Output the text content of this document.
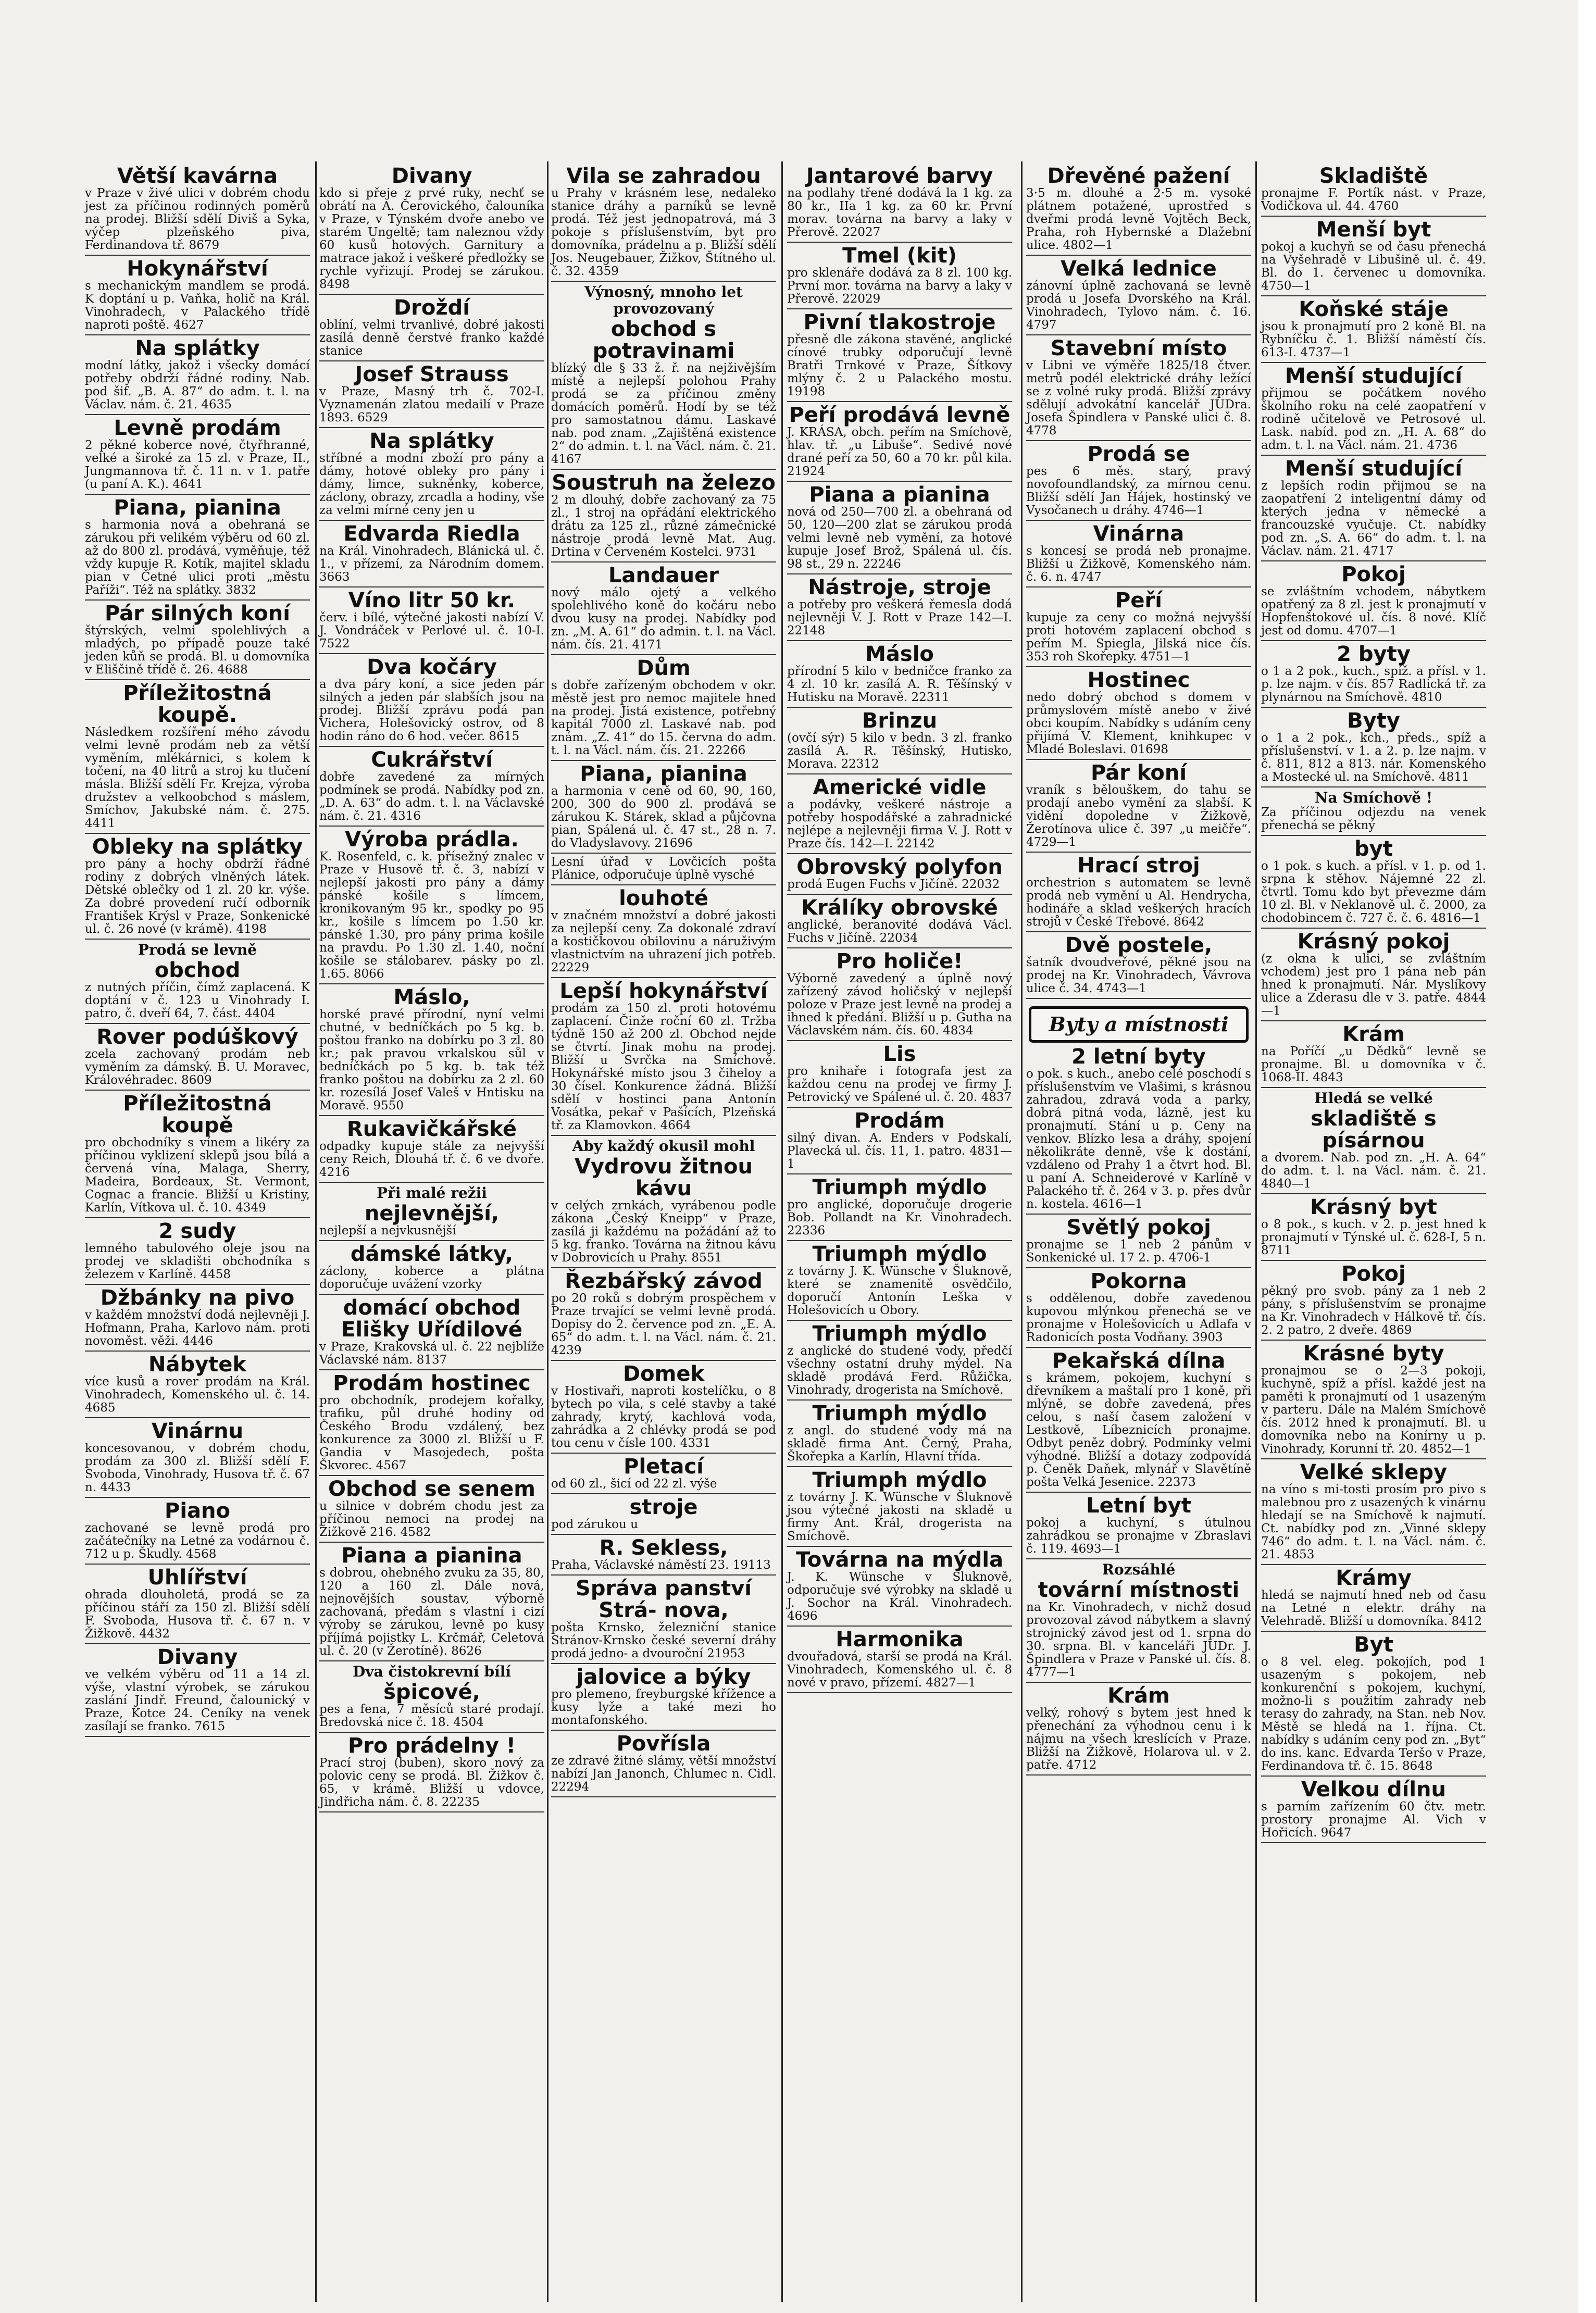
Větší kavárna
v Praze v živé ulici v dobrém chodu jest za příčinou rodinných poměrů na prodej. Bližší sdělí Diviš a Syka, výčep plzeňského piva, Ferdinandova tř. 8679
Hokynářství
s mechanickým mandlem se prodá. K doptání u p. Vaňka, holič na Král. Vinohradech, v Palackého třídě naproti poště. 4627
Na splátky
modní látky, jakož i všecky domácí potřeby obdrží řádné rodiny. Nab. pod šif. „B. A. 87“ do adm. t. l. na Václav. nám. č. 21. 4635
Levně prodám
2 pěkné koberce nové, čtyřhranné, velké a široké za 15 zl. v Praze, II., Jungmannova tř. č. 11 n. v 1. patře (u paní A. K.). 4641
Piana, pianina
s harmonia nová a obehraná se zárukou při velikém výběru od 60 zl. až do 800 zl. prodává, vyměňuje, též vždy kupuje R. Kotík, majitel skladu pian v Četné ulici proti „městu Paříži“. Též na splátky. 3832
Pár silných koní
štýrských, velmi spolehlivých a mladých, po případě pouze také jeden kůň se prodá. Bl. u domovníka v Eliščině třídě č. 26. 4688
Příležitostná koupě.
Následkem rozšíření mého závodu velmi levně prodám neb za větší vyměním, mlékárnici, s kolem k točení, na 40 litrů a stroj ku tlučení másla. Bližší sdělí Fr. Krejza, výroba družstev a velkoobchod s máslem, Smíchov, Jakubské nám. č. 275. 4411
Obleky na splátky
pro pány a hochy obdrží řádné rodiny z dobrých vlněných látek. Dětské oblečky od 1 zl. 20 kr. výše. Za dobré provedení ručí odborník František Krýsl v Praze, Sonkenické ul. č. 26 nové (v krámě). 4198
Prodá se levně
obchod
z nutných příčin, čímž zaplacená. K doptání v č. 123 u Vinohrady I. patro, č. dveří 64, 7. část. 4404
Rover podúškový
zcela zachovaný prodám neb vyměním za dámský. B. U. Moravec, Královéhradec. 8609
Příležitostná koupě
pro obchodníky s vínem a likéry za příčinou vyklizení sklepů jsou bílá a červená vína, Malaga, Sherry, Madeira, Bordeaux, St. Vermont, Cognac a francie. Bližší u Kristiny, Karlín, Vítkova ul. č. 10. 4349
2 sudy
lemného tabulového oleje jsou na prodej ve skladišti obchodníka s železem v Karlíně. 4458
Džbánky na pivo
v každém množství dodá nejlevněji J. Hofmann, Praha, Karlovo nám. proti novoměst. věži. 4446
Nábytek
více kusů a rover prodám na Král. Vinohradech, Komenského ul. č. 14. 4685
Vinárnu
koncesovanou, v dobrém chodu, prodám za 300 zl. Bližší sdělí F. Svoboda, Vinohrady, Husova tř. č. 67 n. 4433
Piano
zachované se levně prodá pro začátečníky na Letné za vodárnou č. 712 u p. Škudly. 4568
Uhlířství
ohrada dlouholetá, prodá se za příčinou stáří za 150 zl. Bližší sdělí F. Svoboda, Husova tř. č. 67 n. v Žižkově. 4432
Divany
ve velkém výběru od 11 a 14 zl. výše, vlastní výrobek, se zárukou zaslání Jindř. Freund, čalounický v Praze, Kotce 24. Ceníky na venek zasílají se franko. 7615
Divany
kdo si přeje z prvé ruky, nechť se obrátí na A. Čerovického, čalouníka v Praze, v Týnském dvoře anebo ve starém Ungeltě; tam naleznou vždy 60 kusů hotových. Garnitury a matrace jakož i veškeré předložky se rychle vyřizují. Prodej se zárukou. 8498
Droždí
oblíní, velmi trvanlivé, dobré jakosti zasílá denně čerstvé franko každé stanice
Josef Strauss
v Praze, Masný trh č. 702-I. Vyznamenán zlatou medailí v Praze 1893. 6529
Na splátky
stříbné a modní zboží pro pány a dámy, hotové obleky pro pány i dámy, limce, sukněnky, koberce, záclony, obrazy, zrcadla a hodiny, vše za velmi mírné ceny jen u
Edvarda Riedla
na Král. Vinohradech, Blánická ul. č. 1., v přízemí, za Národním domem. 3663
Víno litr 50 kr.
červ. i bílé, výtečné jakosti nabízí V. J. Vondráček v Perlové ul. č. 10-I. 7522
Dva kočáry
a dva páry koní, a sice jeden pár silných a jeden pár slabších jsou na prodej. Bližší zprávu podá pan Vichera, Holešovický ostrov, od 8 hodin ráno do 6 hod. večer. 8615
Cukrářství
dobře zavedené za mírných podmínek se prodá. Nabídky pod zn. „D. A. 63“ do adm. t. l. na Václavské nám. č. 21. 4316
Výroba prádla.
K. Rosenfeld, c. k. přísežný znalec v Praze v Husově tř. č. 3, nabízí v nejlepší jakosti pro pány a dámy pánské košile s límcem, kronikovaným 95 kr., spodky po 95 kr., košile s límcem po 1.50 kr. pánské 1.30, pro pány prima košile na pravdu. Po 1.30 zl. 1.40, noční košile se stálobarev. pásky po zl. 1.65. 8066
Máslo,
horské pravé přírodní, nyní velmi chutné, v bedníčkách po 5 kg. b. poštou franko na dobírku po 3 zl. 80 kr.; pak pravou vrkalskou sůl v bedníčkách po 5 kg. b. tak též franko poštou na dobírku za 2 zl. 60 kr. rozesílá Josef Valeš v Hntisku na Moravě. 9550
Rukavičkářské
odpadky kupuje stále za nejvyšší ceny Reich, Dlouhá tř. č. 6 ve dvoře. 4216
Při malé režii
nejlevnější,
nejlepší a nejvkusnější
dámské látky,
záclony, koberce a plátna doporučuje uvážení vzorky
domácí obchod Elišky Uřídilové
v Praze, Krakovská ul. č. 22 nejblíže Václavské nám. 8137
Prodám hostinec
pro obchodník, prodejem kořalky, trafiku, půl druhé hodiny od Českého Brodu vzdálený, bez konkurence za 3000 zl. Bližší u F. Gandia v Masojedech, pošta Škvorec. 4567
Obchod se senem
u silnice v dobrém chodu jest za příčinou nemoci na prodej na Žižkově 216. 4582
Piana a pianina
s dobrou, ohebného zvuku za 35, 80, 120 a 160 zl. Dále nová, nejnovějších soustav, výborně zachovaná, předám s vlastní i cizí výroby se zárukou, levně po kusy příjímá pojistky L. Krčmář, Celetová ul. č. 20 (v Žerotíně). 8626
Dva čistokrevní bílí
špicové,
pes a fena, 7 měsíců staré prodají. Bredovská nice č. 18. 4504
Pro prádelny !
Prací stroj (buben), skoro nový za polovic ceny se prodá. Bl. Žižkov č. 65, v krámě. Bližší u vdovce, Jindřicha nám. č. 8. 22235
Vila se zahradou
u Prahy v krásném lese, nedaleko stanice dráhy a parníků se levně prodá. Též jest jednopatrová, má 3 pokoje s příslušenstvím, byt pro domovníka, prádelnu a p. Bližší sdělí Jos. Neugebauer, Žižkov, Štítného ul. č. 32. 4359
Výnosný, mnoho let provozovaný
obchod s potravinami
blízký dle § 33 ž. ř. na nejživějším místě a nejlepší polohou Prahy prodá se za příčinou změny domácích poměrů. Hodí by se též pro samostatnou dámu. Laskavé nab. pod znam. „Zajištěná existence 2“ do admin. t. l. na Václ. nám. č. 21. 4167
Soustruh na železo
2 m dlouhý, dobře zachovaný za 75 zl., 1 stroj na opřádání elektrického drátu za 125 zl., různé zámečnické nástroje prodá levně Mat. Aug. Drtina v Červeném Kostelci. 9731
Landauer
nový málo ojetý a velkého spolehlivého koně do kočáru nebo dvou kusy na prodej. Nabídky pod zn. „M. A. 61“ do admin. t. l. na Václ. nám. čís. 21. 4171
Dům
s dobře zařízeným obchodem v okr. městě jest pro nemoc majitele hned na prodej. Jistá existence, potřebný kapitál 7000 zl. Laskavé nab. pod znám. „Z. 41“ do 15. června do adm. t. l. na Václ. nám. čís. 21. 22266
Piana, pianina
a harmonia v ceně od 60, 90, 160, 200, 300 do 900 zl. prodává se zárukou K. Stárek, sklad a půjčovna pian, Spálená ul. č. 47 st., 28 n. 7. do Vladyslavovy. 21696
Lesní úřad v Lovčicích pošta Plánice, odporučuje úplně vysché
louhoté
v značném množství a dobré jakosti za nejlepší ceny. Za dokonalé zdraví a kostičkovou obilovinu a náruživým vlastnictvím na uhrazení jich potřeb. 22229
Lepší hokynářství
prodám za 150 zl. proti hotovému zaplacení. Činže roční 60 zl. Tržba týdně 150 až 200 zl. Obchod nejde se čtvrtí. Jinak mohu na prodej. Bližší u Svrčka na Smíchově. Hokynářské místo jsou 3 čiheloy a 30 čísel. Konkurence žádná. Bližší sdělí v hostinci pana Antonín Vosátka, pekař v Pašících, Plzeňská tř. za Klamovkon. 4664
Aby každý okusil mohl
Vydrovu žitnou kávu
v celých zrnkách, vyrábenou podle zákona „Český Kneipp“ v Praze, zasílá ji každému na požádání až to 5 kg. franko. Továrna na žitnou kávu v Dobrovicích u Prahy. 8551
Řezbářský závod
po 20 roků s dobrým prospěchem v Praze trvající se velmi levně prodá. Dopisy do 2. července pod zn. „E. A. 65“ do adm. t. l. na Václ. nám. č. 21. 4239
Domek
v Hostivaři, naproti kostelíčku, o 8 bytech po vila, s celé stavby a také zahrady, krytý, kachlová voda, zahrádka a 2 chlévky prodá se pod tou cenu v čísle 100. 4331
Pletací
od 60 zl., šicí od 22 zl. výše
stroje
pod zárukou u
R. Sekless,
Praha, Václavské náměstí 23. 19113
Správa panství Strá- nova,
pošta Krnsko, železniční stanice Stránov-Krnsko české severní dráhy prodá jedno- a dvouroční 21953
jalovice a býky
pro plemeno, freyburgské křížence a kusy lyže a také mezi ho montafonského.
Povřísla
ze zdravé žitné slámy, větší množství nabízí Jan Janonch, Chlumec n. Cidl. 22294
Jantarové barvy
na podlahy třené dodává la 1 kg. za 80 kr., IIa 1 kg. za 60 kr. První morav. továrna na barvy a laky v Přerově. 22027
Tmel (kit)
pro sklenáře dodává za 8 zl. 100 kg. První mor. továrna na barvy a laky v Přerově. 22029
Pivní tlakostroje
přesně dle zákona stavěné, anglické cínové trubky odporučují levně Bratři Trnkové v Praze, Šítkovy mlýny č. 2 u Palackého mostu. 19198
Peří prodává levně
J. KRÁSA, obch. peřím na Smíchově, hlav. tř. „u Libuše“. Sedivé nové drané peří za 50, 60 a 70 kr. půl kila. 21924
Piana a pianina
nová od 250—700 zl. a obehraná od 50, 120—200 zlat se zárukou prodá velmi levně neb vymění, za hotové kupuje Josef Brož, Spálená ul. čís. 98 st., 29 n. 22246
Nástroje, stroje
a potřeby pro veškerá řemesla dodá nejlevněji V. J. Rott v Praze 142—I. 22148
Máslo
přírodní 5 kilo v bedničce franko za 4 zl. 10 kr. zasílá A. R. Těšínský v Hutisku na Moravě. 22311
Brinzu
(ovčí sýr) 5 kilo v bedn. 3 zl. franko zasílá A. R. Těšínský, Hutisko, Morava. 22312
Americké vidle
a podávky, veškeré nástroje a potřeby hospodářské a zahradnické nejlépe a nejlevněji firma V. J. Rott v Praze čís. 142—I. 22142
Obrovský polyfon
prodá Eugen Fuchs v Jičíně. 22032
Králíky obrovské
anglické, beranovité dodává Václ. Fuchs v Jičíně. 22034
Pro holiče!
Výborně zavedený a úplně nový zařízený závod holičský v nejlepší poloze v Praze jest levně na prodej a ihned k předání. Bližší u p. Gutha na Václavském nám. čís. 60. 4834
Lis
pro knihaře i fotografa jest za každou cenu na prodej ve firmy J. Petrovický ve Spálené ul. č. 20. 4837
Prodám
silný divan. A. Enders v Podskalí, Plavecká ul. čís. 11, 1. patro. 4831—1
Triumph mýdlo
pro anglické, doporučuje drogerie Bob. Pollandt na Kr. Vinohradech. 22336
Triumph mýdlo
z továrny J. K. Wünsche v Šluknově, které se znamenitě osvědčilo, doporučí Antonín Leška v Holešovicích u Obory.
Triumph mýdlo
z anglické do studené vody, předčí všechny ostatní druhy mýdel. Na skladě prodává Ferd. Růžička, Vinohrady, drogerista na Smíchově.
Triumph mýdlo
z angl. do studené vody má na skladě firma Ant. Černý, Praha, Škořepka a Karlín, Hlavní třída.
Triumph mýdlo
z továrny J. K. Wünsche v Šluknově jsou výtečné jakosti na skladě u firmy Ant. Král, drogerista na Smíchově.
Továrna na mýdla
J. K. Wünsche v Šluknově, odporučuje své výrobky na skladě u J. Sochor na Král. Vinohradech. 4696
Harmonika
dvouřadová, starší se prodá na Král. Vinohradech, Komenského ul. č. 8 nové v pravo, přízemí. 4827—1
Dřevěné pažení
3·5 m. dlouhé a 2·5 m. vysoké plátnem potažené, uprostřed s dveřmi prodá levně Vojtěch Beck, Praha, roh Hybernské a Dlažební ulice. 4802—1
Velká lednice
zánovní úplně zachovaná se levně prodá u Josefa Dvorského na Král. Vinohradech, Tylovo nám. č. 16. 4797
Stavební místo
v Libni ve výměře 1825/18 čtver. metrů podél elektrické dráhy ležící se z volné ruky prodá. Bližší zprávy sdělují advokátní kancelář JUDra. Josefa Špindlera v Panské ulici č. 8. 4778
Prodá se
pes 6 měs. starý, pravý novofoundlandský, za mírnou cenu. Bližší sdělí Jan Hájek, hostinský ve Vysočanech u dráhy. 4746—1
Vinárna
s koncesí se prodá neb pronajme. Bližší u Žižkově, Komenského nám. č. 6. n. 4747
Peří
kupuje za ceny co možná nejvyšší proti hotovém zaplacení obchod s peřím M. Spiegla, Jilská nice čís. 353 roh Skořepky. 4751—1
Hostinec
nedo dobrý obchod s domem v průmyslovém místě anebo v živé obci koupím. Nabídky s udáním ceny přijímá V. Klement, knihkupec v Mladé Boleslavi. 01698
Pár koní
vraník s bělouškem, do tahu se prodají anebo vymění za slabší. K vidění dopoledne v Žižkově, Žerotínova ulice č. 397 „u meičře“. 4729—1
Hrací stroj
orchestrion s automatem se levně prodá neb vymění u Al. Hendrycha, hodináře a sklad veškerých hracích strojů v České Třebové. 8642
Dvě postele,
šatník dvoudveřové, pěkné jsou na prodej na Kr. Vinohradech, Vávrova ulice č. 34. 4743—1
Byty a místnosti
2 letní byty
o pok. s kuch., anebo celé poschodí s příslušenstvím ve Vlašimi, s krásnou zahradou, zdravá voda a parky, dobrá pitná voda, lázně, jest ku pronajmutí. Stání u p. Ceny na venkov. Blízko lesa a dráhy, spojení několikráte denně, vše k dostání, vzdáleno od Prahy 1 a čtvrt hod. Bl. u paní A. Schneiderové v Karlíně v Palackého tř. č. 264 v 3. p. přes dvůr n. kostela. 4616—1
Světlý pokoj
pronajme se 1 neb 2 pánům v Sonkenické ul. 17 2. p. 4706-1
Pokorna
s oddělenou, dobře zavedenou kupovou mlýnkou přenechá se ve pronajme v Holešovicích u Adlafa v Radonicích posta Vodňany. 3903
Pekařská dílna
s krámem, pokojem, kuchyní s dřevníkem a maštalí pro 1 koně, při mlýně, se dobře zavedená, přes celou, s naší časem založení v Lestkově, Líbeznicích pronajme. Odbyt peněz dobrý. Podmínky velmi výhodné. Bližší a dotazy zodpovídá p. Čeněk Daňek, mlynář v Slavětíně pošta Velká Jesenice. 22373
Letní byt
pokoj a kuchyní, s útulnou zahrádkou se pronajme v Zbraslavi č. 119. 4693—1
Rozsáhlé
tovární místnosti
na Kr. Vinohradech, v nichž dosud provozoval závod nábytkem a slavný strojnický závod jest od 1. srpna do 30. srpna. Bl. v kanceláři JUDr. J. Špindlera v Praze v Panské ul. čís. 8. 4777—1
Krám
velký, rohový s bytem jest hned k přenechání za výhodnou cenu i k nájmu na všech kreslících v Praze. Bližší na Žižkově, Holarova ul. v 2. patře. 4712
Skladiště
pronajme F. Portík nást. v Praze, Vodičkova ul. 44. 4760
Menší byt
pokoj a kuchyň se od času přenechá na Vyšehradě v Libušině ul. č. 49. Bl. do 1. červenec u domovníka. 4750—1
Koňské stáje
jsou k pronajmutí pro 2 koně Bl. na Rybníčku č. 1. Bližší náměstí čís. 613-I. 4737—1
Menší studující
přijmou se počátkem nového školního roku na celé zaopatření v rodině učitelově ve Petrosové ul. Lask. nabíd. pod zn. „H. A. 68“ do adm. t. l. na Václ. nám. 21. 4736
Menší studující
z lepších rodin přijmou se na zaopatření 2 inteligentní dámy od kterých jedna v německé a francouzské vyučuje. Ct. nabídky pod zn. „S. A. 66“ do adm. t. l. na Václav. nám. 21. 4717
Pokoj
se zvláštním vchodem, nábytkem opatřený za 8 zl. jest k pronajmutí v Hopfenštokové ul. čís. 8 nové. Klíč jest od domu. 4707—1
2 byty
o 1 a 2 pok., kuch., spíž. a přísl. v 1. p. lze najm. v čís. 857 Radlická tř. za plynárnou na Smíchově. 4810
Byty
o 1 a 2 pok., kch., předs., spíž a příslušenství. v 1. a 2. p. lze najm. v č. 811, 812 a 813. nár. Komenského a Mostecké ul. na Smíchově. 4811
Na Smíchově !
Za příčinou odjezdu na venek přenechá se pěkný
byt
o 1 pok. s kuch. a přísl. v 1. p. od 1. srpna k stěhov. Nájemné 22 zl. čtvrtl. Tomu kdo byt převezme dám 10 zl. Bl. v Neklanově ul. č. 2000, za chodobincem č. 727 č. č. 6. 4816—1
Krásný pokoj
(z okna k ulici, se zvláštním vchodem) jest pro 1 pána neb pán hned k pronajmutí. Nár. Myslíkovy ulice a Zderasu dle v 3. patře. 4844—1
Krám
na Poříčí „u Dědků“ levně se pronajme. Bl. u domovníka v č. 1068-II. 4843
Hledá se velké
skladiště s písárnou
a dvorem. Nab. pod zn. „H. A. 64“ do adm. t. l. na Václ. nám. č. 21. 4840—1
Krásný byt
o 8 pok., s kuch. v 2. p. jest hned k pronajmutí v Týnské ul. č. 628-I, 5 n. 8711
Pokoj
pěkný pro svob. pány za 1 neb 2 pány, s příslušenstvím se pronajme na Kr. Vinohradech v Hálkově tř. čís. 2. 2 patro, 2 dveře. 4869
Krásné byty
pronajmou se o 2—3 pokoji, kuchyně, spíž a přísl. každé jest na paměti k pronajmutí od 1 usazeným v parteru. Dále na Malém Smíchově čís. 2012 hned k pronajmutí. Bl. u domovníka nebo na Konírny u p. Vinohrady, Korunní tř. 20. 4852—1
Velké sklepy
na víno s mi-tosti prosím pro pivo s malebnou pro z usazených k vinárnu hledají se na Smíchově k najmutí. Ct. nabídky pod zn. „Vinné sklepy 746“ do adm. t. l. na Václ. nám. č. 21. 4853
Krámy
hledá se najmutí hned neb od času na Letné n elektr. dráhy na Velehradě. Bližší u domovníka. 8412
Byt
o 8 vel. eleg. pokojích, pod 1 usazeným s pokojem, neb konkurenční s pokojem, kuchyní, možno-li s použitím zahrady neb terasy do zahrady, na Stan. neb Nov. Městě se hledá na 1. října. Ct. nabídky s udáním ceny pod zn. „Byt“ do ins. kanc. Edvarda Teršo v Praze, Ferdinandova tř. č. 15. 8648
Velkou dílnu
s parním zařízením 60 čtv. metr. prostory pronajme Al. Vich v Hořicích. 9647
